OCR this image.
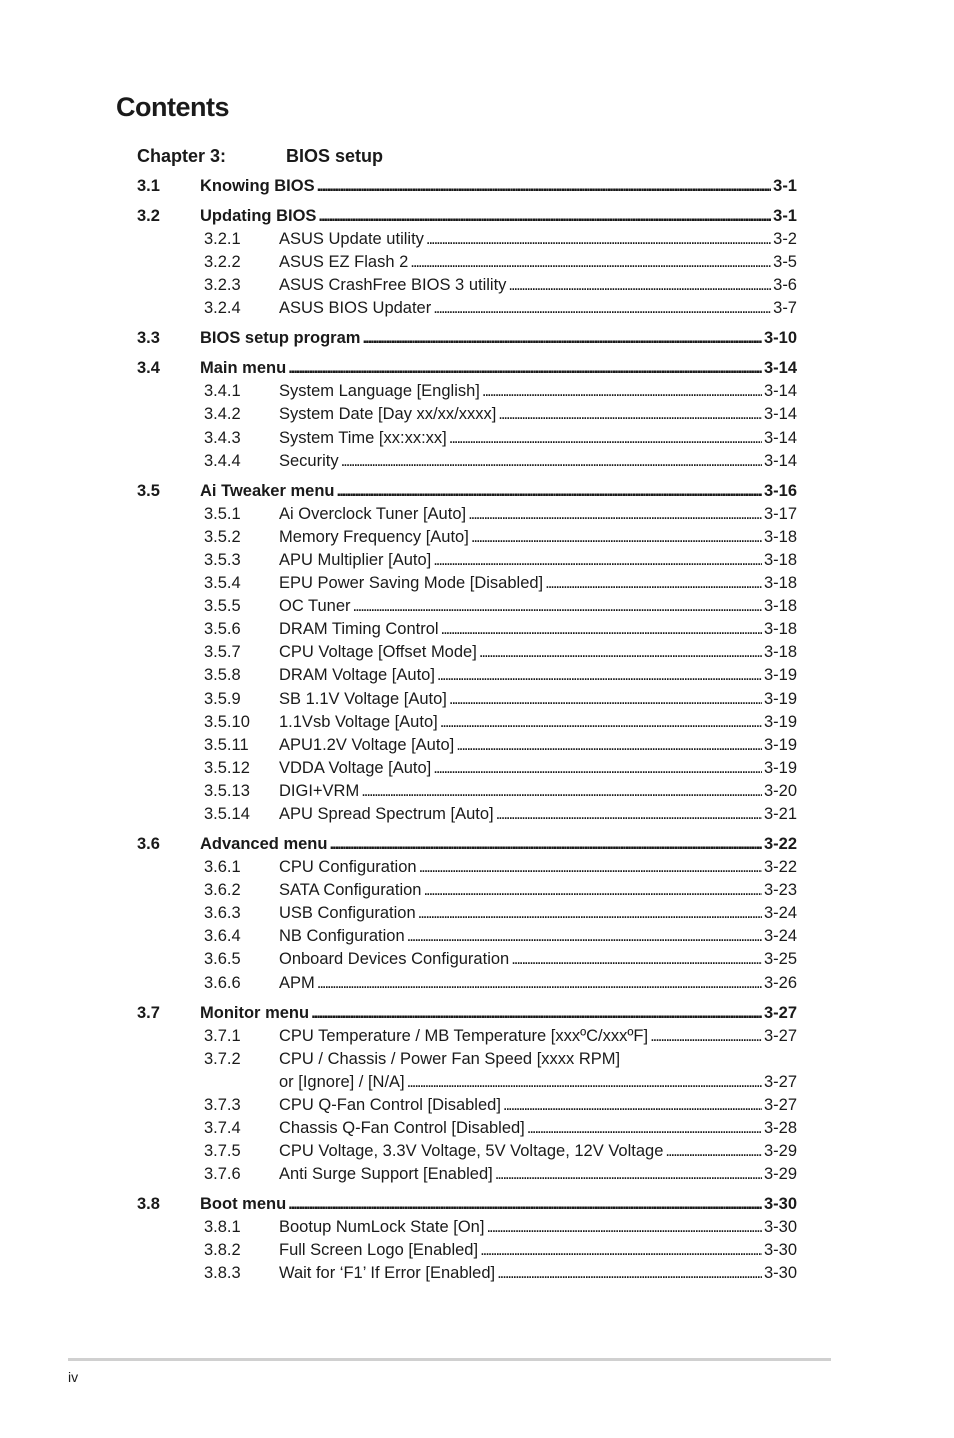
Contents
Chapter 3:	BIOS setup
3.1	Knowing BIOS . . .	3-1
3.2	Updating BIOS . . .	3-1
3.2.1	ASUS Update utility . . .	3-2
3.2.2	ASUS EZ Flash 2 . . .	3-5
3.2.3	ASUS CrashFree BIOS 3 utility . . .	3-6
3.2.4	ASUS BIOS Updater . . .	3-7
3.3	BIOS setup program . . .	3-10
3.4	Main menu . . .	3-14
3.4.1	System Language [English] . . .	3-14
3.4.2	System Date [Day xx/xx/xxxx] . . .	3-14
3.4.3	System Time [xx:xx:xx] . . .	3-14
3.4.4	Security . . .	3-14
3.5	Ai Tweaker menu . . .	3-16
3.5.1	Ai Overclock Tuner [Auto] . . .	3-17
3.5.2	Memory Frequency [Auto] . . .	3-18
3.5.3	APU Multiplier [Auto] . . .	3-18
3.5.4	EPU Power Saving Mode [Disabled] . . .	3-18
3.5.5	OC Tuner . . .	3-18
3.5.6	DRAM Timing Control . . .	3-18
3.5.7	CPU Voltage [Offset Mode] . . .	3-18
3.5.8	DRAM Voltage [Auto] . . .	3-19
3.5.9	SB 1.1V Voltage [Auto] . . .	3-19
3.5.10	1.1Vsb Voltage [Auto] . . .	3-19
3.5.11	APU1.2V Voltage [Auto] . . .	3-19
3.5.12	VDDA Voltage [Auto] . . .	3-19
3.5.13	DIGI+VRM . . .	3-20
3.5.14	APU Spread Spectrum [Auto] . . .	3-21
3.6	Advanced menu . . .	3-22
3.6.1	CPU Configuration . . .	3-22
3.6.2	SATA Configuration . . .	3-23
3.6.3	USB Configuration . . .	3-24
3.6.4	NB Configuration . . .	3-24
3.6.5	Onboard Devices Configuration . . .	3-25
3.6.6	APM . . .	3-26
3.7	Monitor menu . . .	3-27
3.7.1	CPU Temperature / MB Temperature [xxxºC/xxxºF] . . .	3-27
3.7.2	CPU / Chassis / Power Fan Speed [xxxx RPM]
or [Ignore] / [N/A] . . .	3-27
3.7.3	CPU Q-Fan Control [Disabled] . . .	3-27
3.7.4	Chassis Q-Fan Control [Disabled] . . .	3-28
3.7.5	CPU Voltage, 3.3V Voltage, 5V Voltage, 12V Voltage . . .	3-29
3.7.6	Anti Surge Support [Enabled] . . .	3-29
3.8	Boot menu . . .	3-30
3.8.1	Bootup NumLock State [On] . . .	3-30
3.8.2	Full Screen Logo [Enabled] . . .	3-30
3.8.3	Wait for ‘F1’ If Error [Enabled] . . .	3-30
iv
